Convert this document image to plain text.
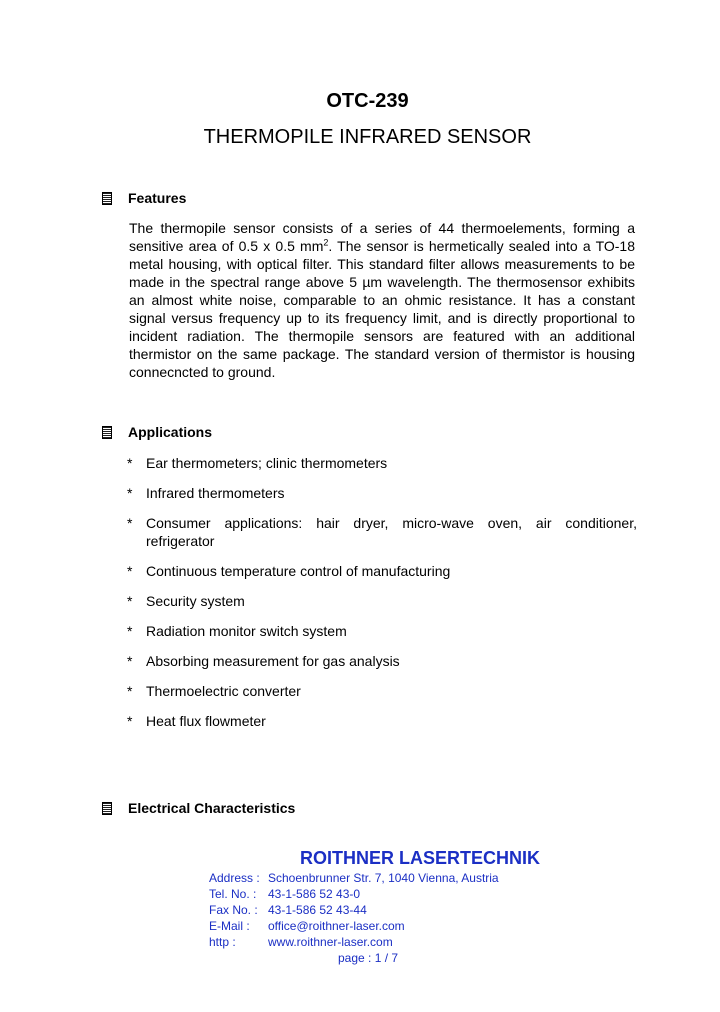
OTC-239
THERMOPILE INFRARED SENSOR
Features
The thermopile sensor consists of a series of 44 thermoelements, forming a sensitive area of 0.5 x 0.5 $mm^2$. The sensor is hermetically sealed into a TO-18 metal housing, with optical filter. This standard filter allows measurements to be made in the spectral range above 5 µm wavelength. The thermosensor exhibits an almost white noise, comparable to an ohmic resistance. It has a constant signal versus frequency up to its frequency limit, and is directly proportional to incident radiation. The thermopile sensors are featured with an additional thermistor on the same package. The standard version of thermistor is housing connecncted to ground.
Applications
* Ear thermometers; clinic thermometers
* Infrared thermometers
* Consumer applications: hair dryer, micro-wave oven, air conditioner, refrigerator
* Continuous temperature control of manufacturing
* Security system
* Radiation monitor switch system
* Absorbing measurement for gas analysis
* Thermoelectric converter
* Heat flux flowmeter
Electrical Characteristics
ROITHNER LASERTECHNIK
Address : Schoenbrunner Str. 7, 1040 Vienna, Austria
Tel. No. : 43-1-586 52 43-0
Fax No. : 43-1-586 52 43-44
E-Mail :	office@roithner-laser.com
http :	www.roithner-laser.com
page : 1 / 7
